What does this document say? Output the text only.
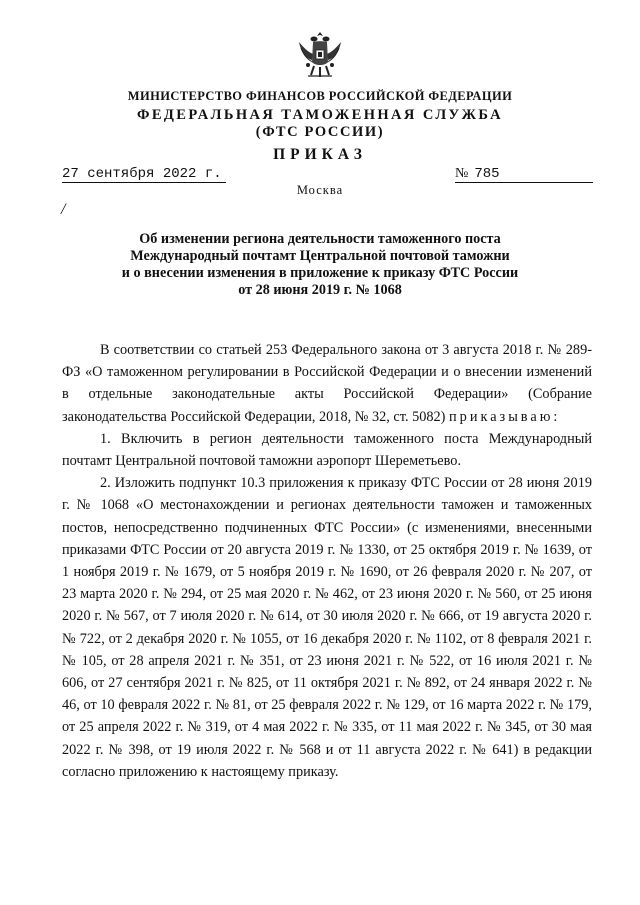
МИНИСТЕРСТВО ФИНАНСОВ РОССИЙСКОЙ ФЕДЕРАЦИИ
ФЕДЕРАЛЬНАЯ ТАМОЖЕННАЯ СЛУЖБА
(ФТС РОССИИ)
ПРИКАЗ
27 сентября 2022 г.	№ 785
Москва
/
Об изменении региона деятельности таможенного поста
Международный почтамт Центральной почтовой таможни
и о внесении изменения в приложение к приказу ФТС России
от 28 июня 2019 г. № 1068

В соответствии со статьей 253 Федерального закона от 3 августа 2018 г. № 289-ФЗ «О таможенном регулировании в Российской Федерации и о внесении изменений в отдельные законодательные акты Российской Федерации» (Собрание законодательства Российской Федерации, 2018, № 32, ст. 5082) приказываю:

1. Включить в регион деятельности таможенного поста Международный почтамт Центральной почтовой таможни аэропорт Шереметьево.

2. Изложить подпункт 10.3 приложения к приказу ФТС России от 28 июня 2019 г. № 1068 «О местонахождении и регионах деятельности таможен и таможенных постов, непосредственно подчиненных ФТС России» (с изменениями, внесенными приказами ФТС России от 20 августа 2019 г. № 1330, от 25 октября 2019 г. № 1639, от 1 ноября 2019 г. № 1679, от 5 ноября 2019 г. № 1690, от 26 февраля 2020 г. № 207, от 23 марта 2020 г. № 294, от 25 мая 2020 г. № 462, от 23 июня 2020 г. № 560, от 25 июня 2020 г. № 567, от 7 июля 2020 г. № 614, от 30 июля 2020 г. № 666, от 19 августа 2020 г. № 722, от 2 декабря 2020 г. № 1055, от 16 декабря 2020 г. № 1102, от 8 февраля 2021 г. № 105, от 28 апреля 2021 г. № 351, от 23 июня 2021 г. № 522, от 16 июля 2021 г. № 606, от 27 сентября 2021 г. № 825, от 11 октября 2021 г. № 892, от 24 января 2022 г. № 46, от 10 февраля 2022 г. № 81, от 25 февраля 2022 г. № 129, от 16 марта 2022 г. № 179, от 25 апреля 2022 г. № 319, от 4 мая 2022 г. № 335, от 11 мая 2022 г. № 345, от 30 мая 2022 г. № 398, от 19 июля 2022 г. № 568 и от 11 августа 2022 г. № 641) в редакции согласно приложению к настоящему приказу.
